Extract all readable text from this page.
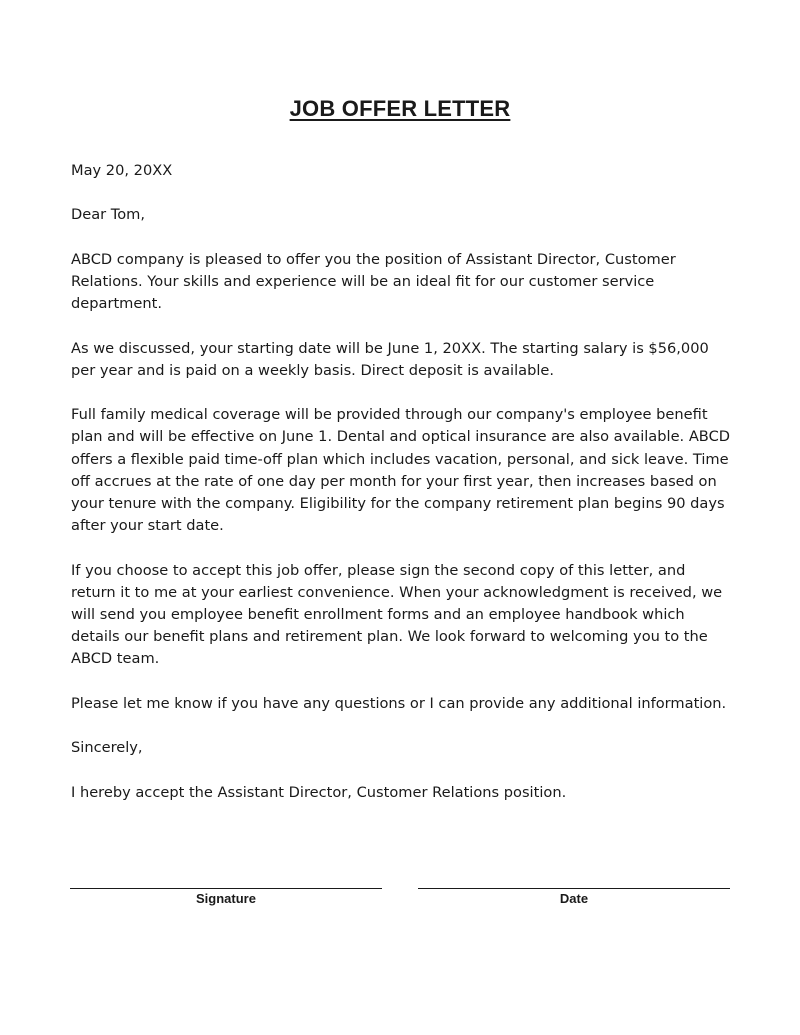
JOB OFFER LETTER

May 20, 20XX

Dear Tom,

ABCD company is pleased to offer you the position of Assistant Director, Customer Relations. Your skills and experience will be an ideal fit for our customer service department.

As we discussed, your starting date will be June 1, 20XX. The starting salary is $56,000 per year and is paid on a weekly basis. Direct deposit is available.

Full family medical coverage will be provided through our company's employee benefit plan and will be effective on June 1. Dental and optical insurance are also available. ABCD offers a flexible paid time-off plan which includes vacation, personal, and sick leave. Time off accrues at the rate of one day per month for your first year, then increases based on your tenure with the company. Eligibility for the company retirement plan begins 90 days after your start date.

If you choose to accept this job offer, please sign the second copy of this letter, and return it to me at your earliest convenience. When your acknowledgment is received, we will send you employee benefit enrollment forms and an employee handbook which details our benefit plans and retirement plan. We look forward to welcoming you to the ABCD team.

Please let me know if you have any questions or I can provide any additional information.

Sincerely,

I hereby accept the Assistant Director, Customer Relations position.

Signature	Date
